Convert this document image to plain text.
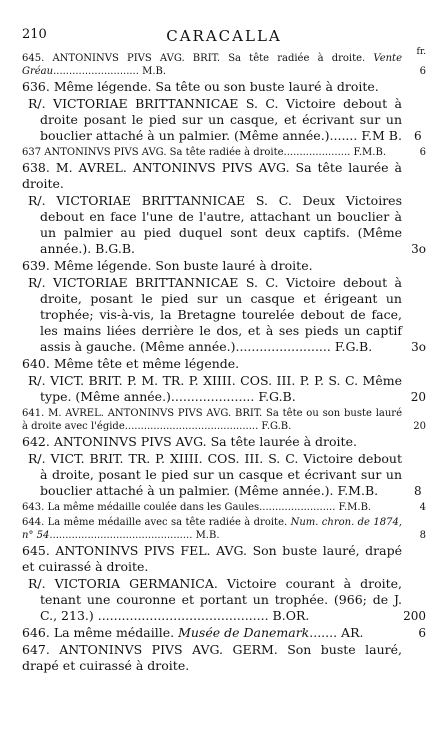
210	CARACALLA
fr.
645. ANTONINVS PIVS AVG. BRIT. Sa tête radiée à droite. Vente Gréau........................... M.B.	6
636. Même légende. Sa tête ou son buste lauré à droite.
R/. VICTORIAE BRITTANNICAE S. C. Victoire debout à droite posant le pied sur un casque, et écrivant sur un bouclier attaché à un palmier. (Même année.)....... F.M B.	6
637 ANTONINVS PIVS AVG. Sa tête radiée à droite..................... F.M.B.	6
638. M. AVREL. ANTONINVS PIVS AVG. Sa tête laurée à droite.
R/. VICTORIAE BRITTANNICAE S. C. Deux Victoires debout en face l'une de l'autre, attachant un bouclier à un palmier au pied duquel sont deux captifs. (Même année.). B.G.B.	3o
639. Même légende. Son buste lauré à droite.
R/. VICTORIAE BRITTANNICAE S. C. Victoire debout à droite, posant le pied sur un casque et érigeant un trophée; vis-à-vis, la Bretagne tourelée debout de face, les mains liées derrière le dos, et à ses pieds un captif assis à gauche. (Même année.)........................ F.G.B.	3o
640. Même tête et même légende.
R/. VICT. BRIT. P. M. TR. P. XIIII. COS. III. P. P. S. C. Même type. (Même année.)..................... F.G.B.	20
641. M. AVREL. ANTONINVS PIVS AVG. BRIT. Sa tête ou son buste lauré à droite avec l'égide.......................................... F.G.B.	20
642. ANTONINVS PIVS AVG. Sa tête laurée à droite.
R/. VICT. BRIT. TR. P. XIIII. COS. III. S. C. Victoire debout à droite, posant le pied sur un casque et écrivant sur un bouclier attaché à un palmier. (Même année.). F.M.B.	8
643. La même médaille coulée dans les Gaules........................ F.M.B.	4
644. La même médaille avec sa tête radiée à droite. Num. chron. de 1874, n° 54............................................. M.B.	8
645. ANTONINVS PIVS FEL. AVG. Son buste lauré, drapé et cuirassé à droite.
R/. VICTORIA GERMANICA. Victoire courant à droite, tenant une couronne et portant un trophée. (966; de J. C., 213.) ........................................... B.OR.	200
646. La même médaille. Musée de Danemark....... AR.	6
647. ANTONINVS PIVS AVG. GERM. Son buste lauré, drapé et cuirassé à droite.
